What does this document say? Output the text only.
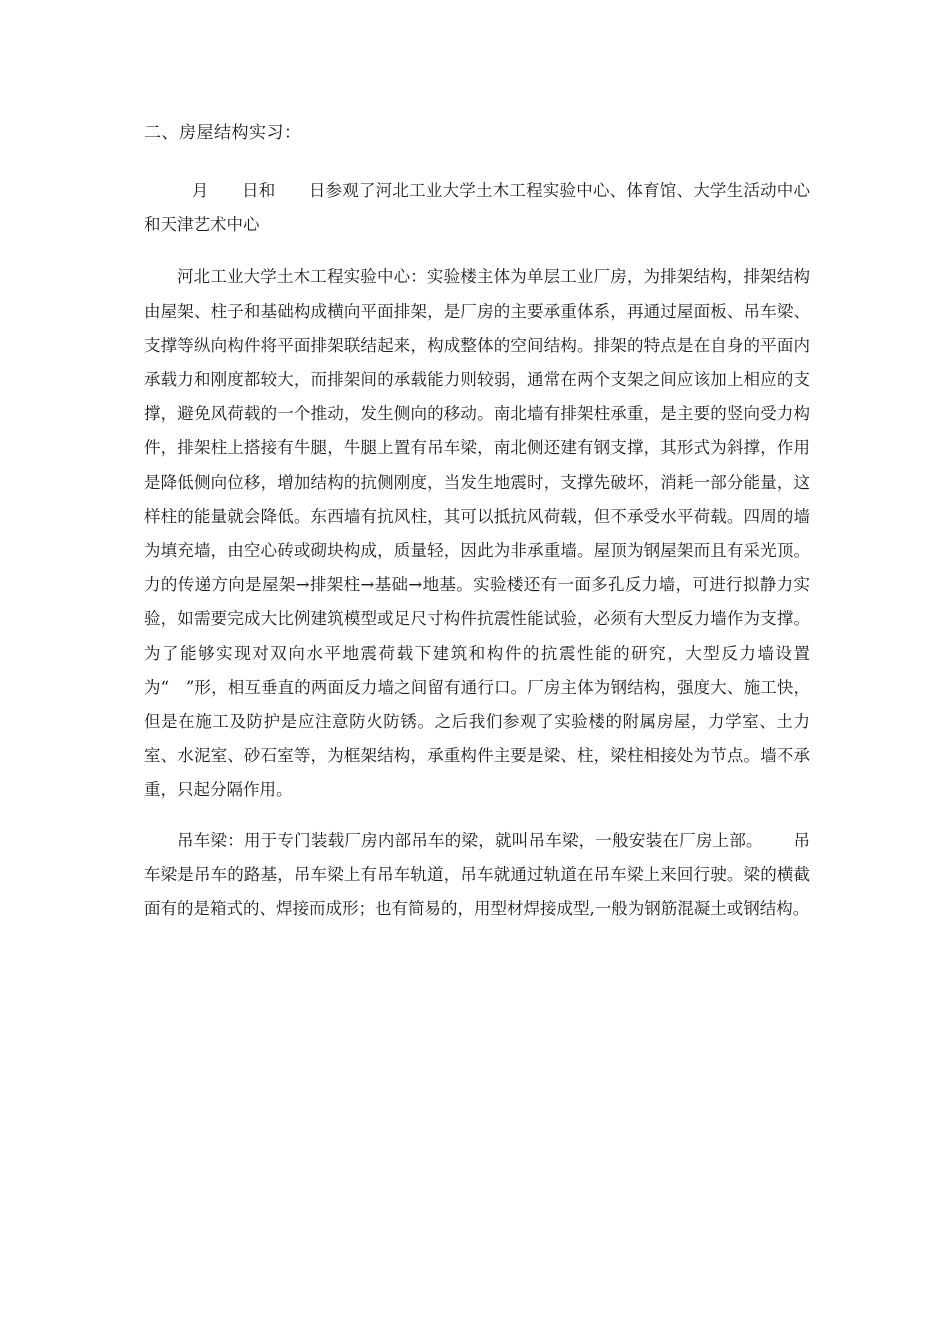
二、房屋结构实习：

月　　日和　　日参观了河北工业大学土木工程实验中心、体育馆、大学生活动中心和天津艺术中心

河北工业大学土木工程实验中心：实验楼主体为单层工业厂房，为排架结构，排架结构由屋架、柱子和基础构成横向平面排架，是厂房的主要承重体系，再通过屋面板、吊车梁、支撑等纵向构件将平面排架联结起来，构成整体的空间结构。排架的特点是在自身的平面内承载力和刚度都较大，而排架间的承载能力则较弱，通常在两个支架之间应该加上相应的支撑，避免风荷载的一个推动，发生侧向的移动。南北墙有排架柱承重，是主要的竖向受力构件，排架柱上搭接有牛腿，牛腿上置有吊车梁，南北侧还建有钢支撑，其形式为斜撑，作用是降低侧向位移，增加结构的抗侧刚度，当发生地震时，支撑先破坏，消耗一部分能量，这样柱的能量就会降低。东西墙有抗风柱，其可以抵抗风荷载，但不承受水平荷载。四周的墙为填充墙，由空心砖或砌块构成，质量轻，因此为非承重墙。屋顶为钢屋架而且有采光顶。力的传递方向是屋架→排架柱→基础→地基。实验楼还有一面多孔反力墙，可进行拟静力实验，如需要完成大比例建筑模型或足尺寸构件抗震性能试验，必须有大型反力墙作为支撑。为了能够实现对双向水平地震荷载下建筑和构件的抗震性能的研究，大型反力墙设置为“　”形，相互垂直的两面反力墙之间留有通行口。厂房主体为钢结构，强度大、施工快，但是在施工及防护是应注意防火防锈。之后我们参观了实验楼的附属房屋，力学室、土力室、水泥室、砂石室等，为框架结构，承重构件主要是梁、柱，梁柱相接处为节点。墙不承重，只起分隔作用。

吊车梁：用于专门装载厂房内部吊车的梁，就叫吊车梁，一般安装在厂房上部。　　 吊车梁是吊车的路基，吊车梁上有吊车轨道，吊车就通过轨道在吊车梁上来回行驶。梁的横截面有的是箱式的、焊接而成形；也有简易的，用型材焊接成型,一般为钢筋混凝土或钢结构。
